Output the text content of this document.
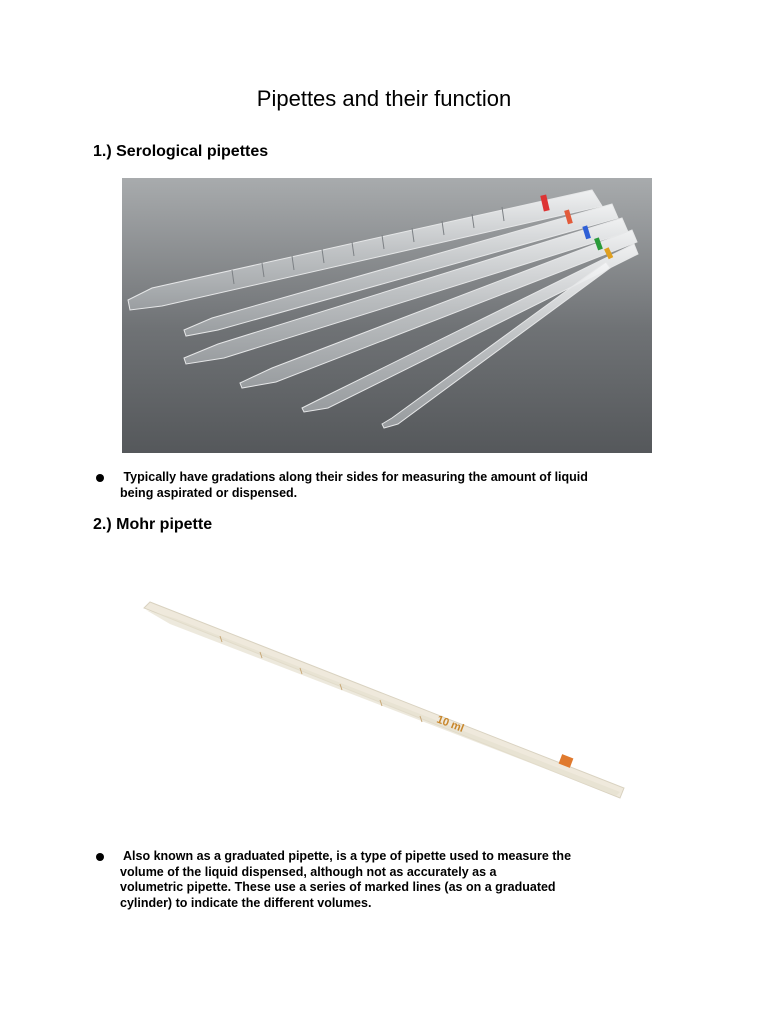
Pipettes and their function
1.) Serological pipettes
Typically have gradations along their sides for measuring the amount of liquid
being aspirated or dispensed.
2.) Mohr pipette
10 ml
Also known as a graduated pipette, is a type of pipette used to measure the
volume of the liquid dispensed, although not as accurately as a
volumetric pipette. These use a series of marked lines (as on a graduated
cylinder) to indicate the different volumes.
